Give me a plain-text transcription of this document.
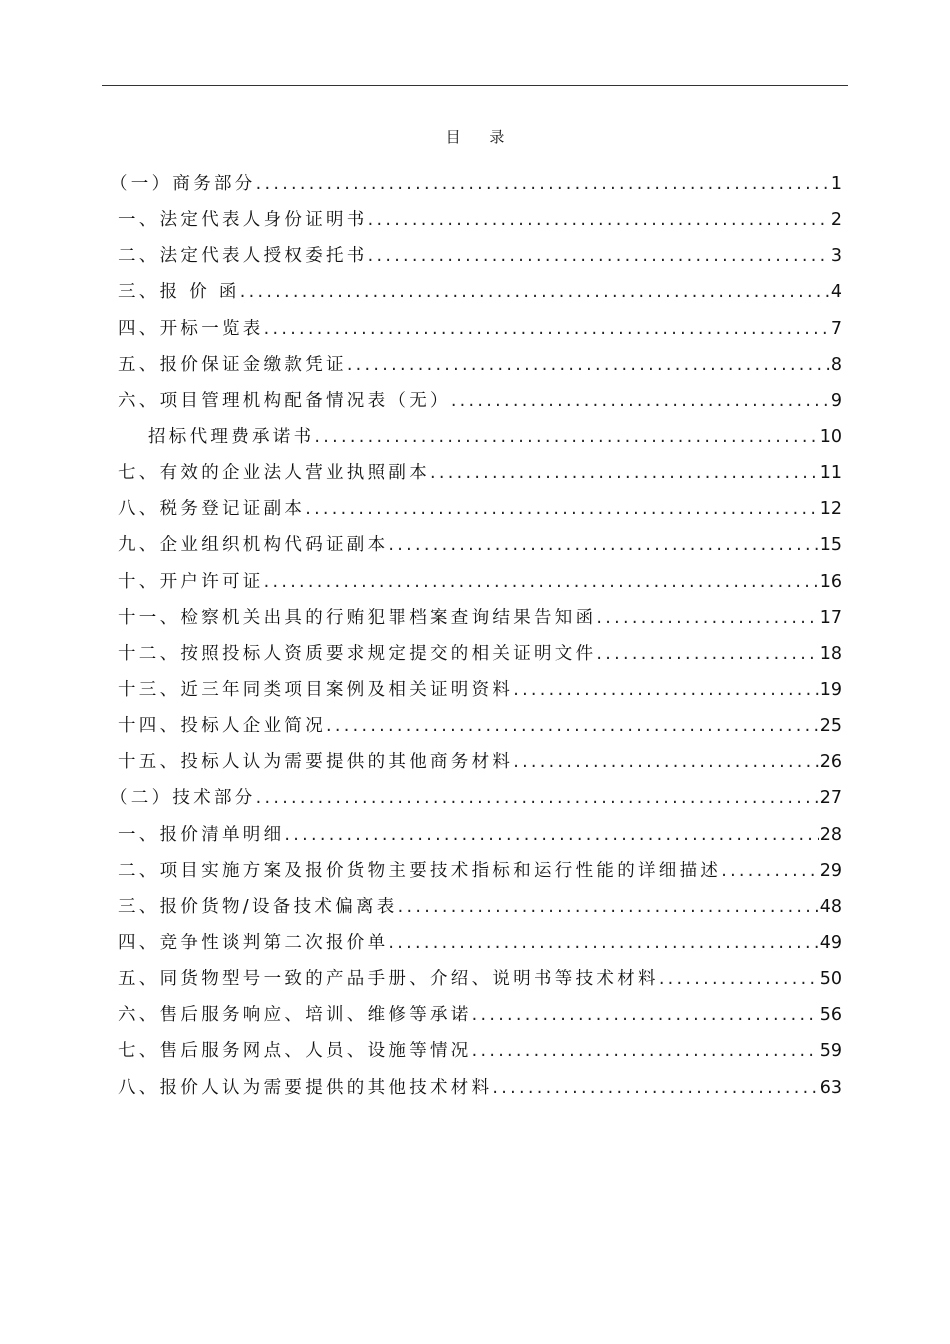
目 录
（一）商务部分 .....	1
一、法定代表人身份证明书 .....	2
二、法定代表人授权委托书 .....	3
三、报 价 函 .....	4
四、开标一览表 .....	7
五、报价保证金缴款凭证 .....	8
六、项目管理机构配备情况表（无） .....	9
招标代理费承诺书 .....	10
七、有效的企业法人营业执照副本 .....	11
八、税务登记证副本 .....	12
九、企业组织机构代码证副本 .....	15
十、开户许可证 .....	16
十一、检察机关出具的行贿犯罪档案查询结果告知函 .....	17
十二、按照投标人资质要求规定提交的相关证明文件 .....	18
十三、近三年同类项目案例及相关证明资料 .....	19
十四、投标人企业简况 .....	25
十五、投标人认为需要提供的其他商务材料 .....	26
（二）技术部分 .....	27
一、报价清单明细 .....	28
二、项目实施方案及报价货物主要技术指标和运行性能的详细描述 .....	29
三、报价货物/设备技术偏离表 .....	48
四、竞争性谈判第二次报价单 .....	49
五、同货物型号一致的产品手册、介绍、说明书等技术材料 .....	50
六、售后服务响应、培训、维修等承诺 .....	56
七、售后服务网点、人员、设施等情况 .....	59
八、报价人认为需要提供的其他技术材料 .....	63
